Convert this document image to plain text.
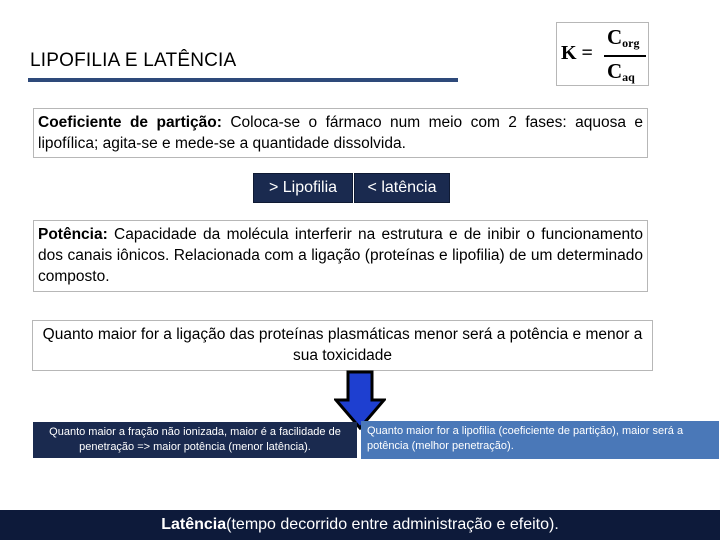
LIPOFILIA E LATÊNCIA	K =
$C_{org}$
$C_{aq}$
Coeficiente de partição: Coloca-se o fármaco num meio com 2 fases: aquosa e lipofílica; agita-se e mede-se a quantidade dissolvida.
> Lipofilia	< latência
Potência: Capacidade da molécula interferir na estrutura e de inibir o funcionamento dos canais iônicos. Relacionada com a ligação (proteínas e lipofilia) de um determinado composto.
Quanto maior for a ligação das proteínas plasmáticas menor será a potência e menor a sua toxicidade
Quanto maior a fração não ionizada, maior é a facilidade de penetração => maior potência (menor latência).
Quanto maior for a lipofilia (coeficiente de partição), maior será a potência (melhor penetração).
Latência (tempo decorrido entre administração e efeito).
